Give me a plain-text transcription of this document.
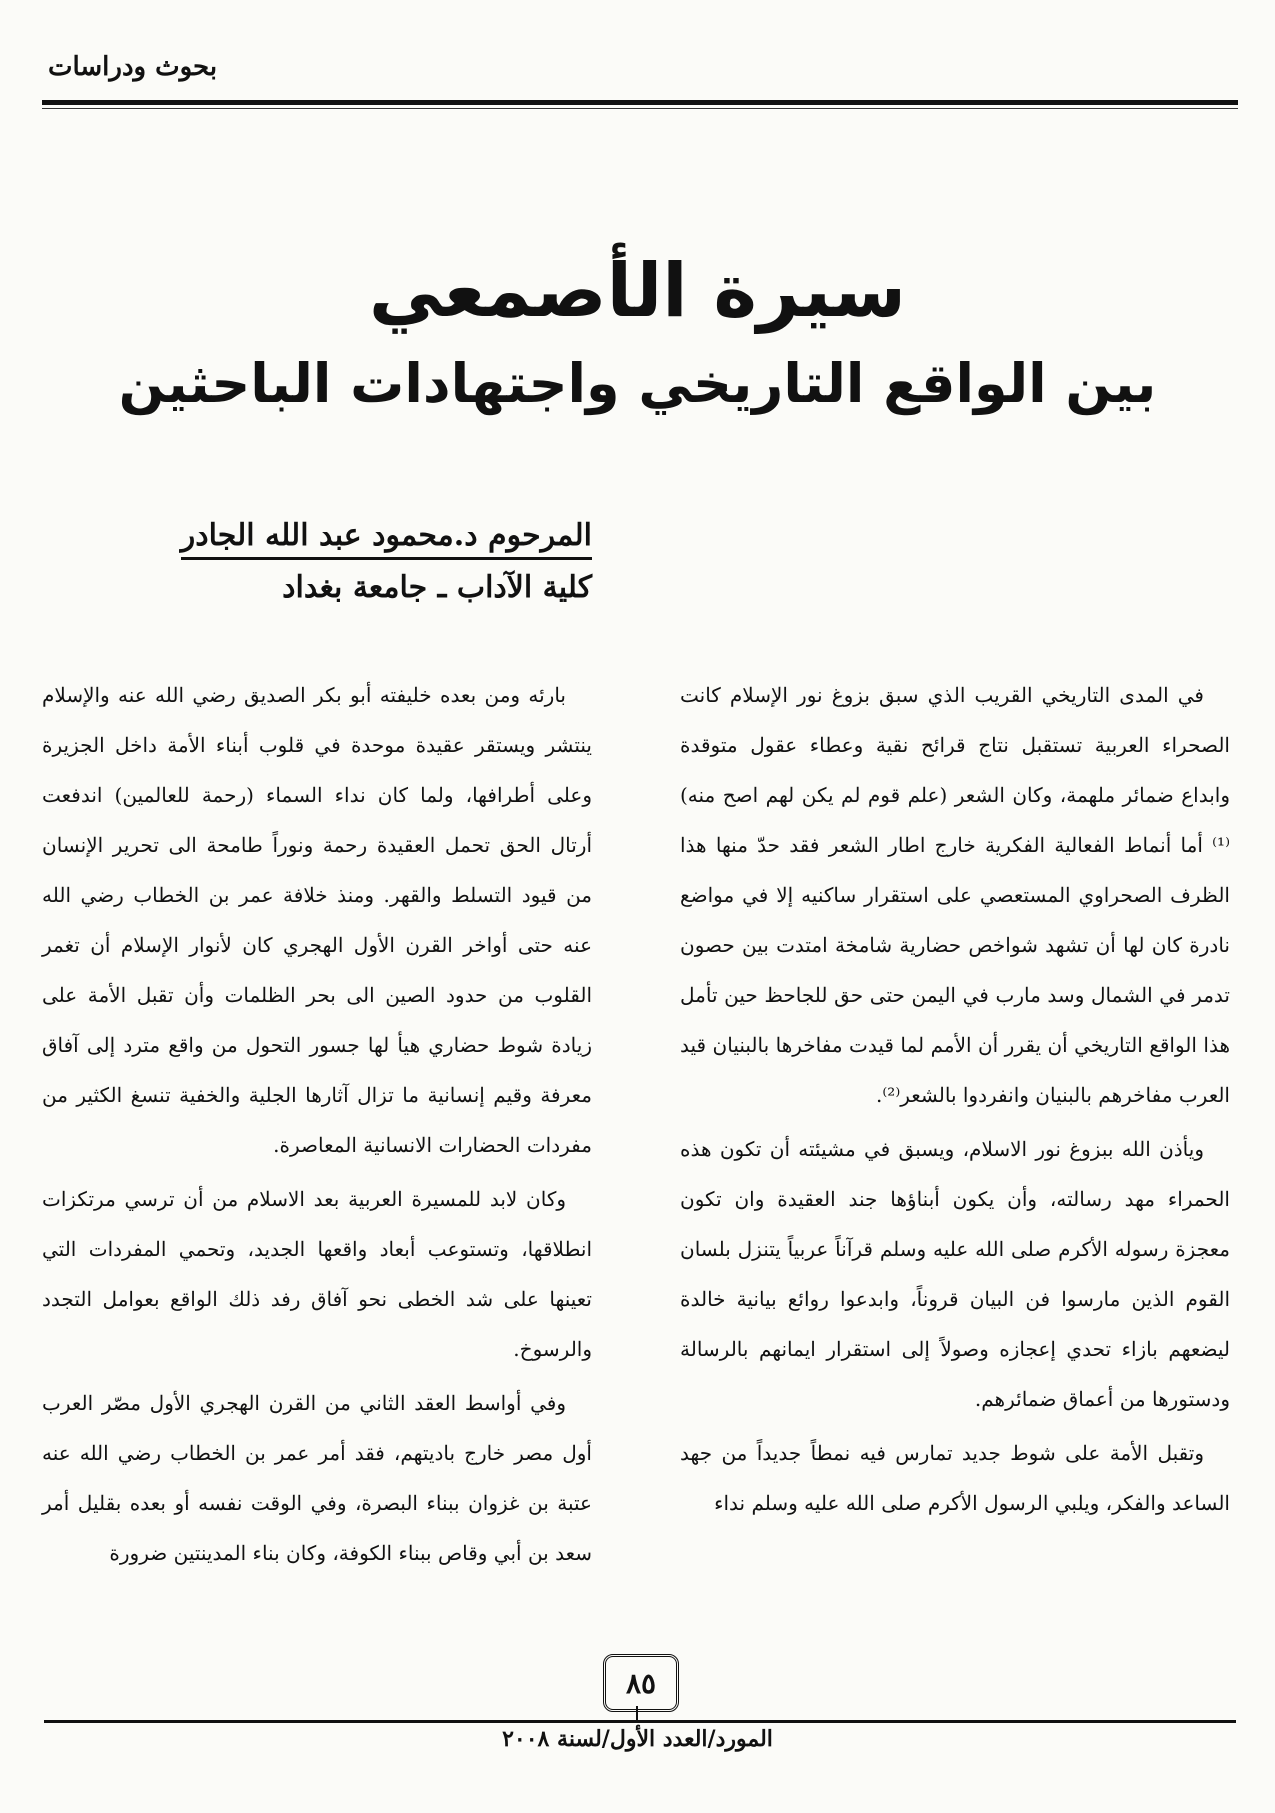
بحوث ودراسات
سيرة الأصمعي
بين الواقع التاريخي واجتهادات الباحثين
المرحوم د.محمود عبد الله الجادر
كلية الآداب ـ جامعة بغداد

في المدى التاريخي القريب الذي سبق بزوغ نور الإسلام كانت الصحراء العربية تستقبل نتاج قرائح نقية وعطاء عقول متوقدة وابداع ضمائر ملهمة، وكان الشعر (علم قوم لم يكن لهم اصح منه)⁽¹⁾ أما أنماط الفعالية الفكرية خارج اطار الشعر فقد حدّ منها هذا الظرف الصحراوي المستعصي على استقرار ساكنيه إلا في مواضع نادرة كان لها أن تشهد شواخص حضارية شامخة امتدت بين حصون تدمر في الشمال وسد مارب في اليمن حتى حق للجاحظ حين تأمل هذا الواقع التاريخي أن يقرر أن الأمم لما قيدت مفاخرها بالبنيان قيد العرب مفاخرهم بالبنيان وانفردوا بالشعر⁽²⁾.

ويأذن الله ببزوغ نور الاسلام، ويسبق في مشيئته أن تكون هذه الحمراء مهد رسالته، وأن يكون أبناؤها جند العقيدة وان تكون معجزة رسوله الأكرم صلى الله عليه وسلم قرآناً عربياً يتنزل بلسان القوم الذين مارسوا فن البيان قروناً، وابدعوا روائع بيانية خالدة ليضعهم بازاء تحدي إعجازه وصولاً إلى استقرار ايمانهم بالرسالة ودستورها من أعماق ضمائرهم.

وتقبل الأمة على شوط جديد تمارس فيه نمطاً جديداً من جهد الساعد والفكر، ويلبي الرسول الأكرم صلى الله عليه وسلم نداء

بارئه ومن بعده خليفته أبو بكر الصديق رضي الله عنه والإسلام ينتشر ويستقر عقيدة موحدة في قلوب أبناء الأمة داخل الجزيرة وعلى أطرافها، ولما كان نداء السماء (رحمة للعالمين) اندفعت أرتال الحق تحمل العقيدة رحمة ونوراً طامحة الى تحرير الإنسان من قيود التسلط والقهر. ومنذ خلافة عمر بن الخطاب رضي الله عنه حتى أواخر القرن الأول الهجري كان لأنوار الإسلام أن تغمر القلوب من حدود الصين الى بحر الظلمات وأن تقبل الأمة على زيادة شوط حضاري هيأ لها جسور التحول من واقع مترد إلى آفاق معرفة وقيم إنسانية ما تزال آثارها الجلية والخفية تنسغ الكثير من مفردات الحضارات الانسانية المعاصرة.

وكان لابد للمسيرة العربية بعد الاسلام من أن ترسي مرتكزات انطلاقها، وتستوعب أبعاد واقعها الجديد، وتحمي المفردات التي تعينها على شد الخطى نحو آفاق رفد ذلك الواقع بعوامل التجدد والرسوخ.

وفي أواسط العقد الثاني من القرن الهجري الأول مصّر العرب أول مصر خارج باديتهم، فقد أمر عمر بن الخطاب رضي الله عنه عتبة بن غزوان ببناء البصرة، وفي الوقت نفسه أو بعده بقليل أمر سعد بن أبي وقاص ببناء الكوفة، وكان بناء المدينتين ضرورة

٨٥
المورد/العدد الأول/لسنة ٢٠٠٨
